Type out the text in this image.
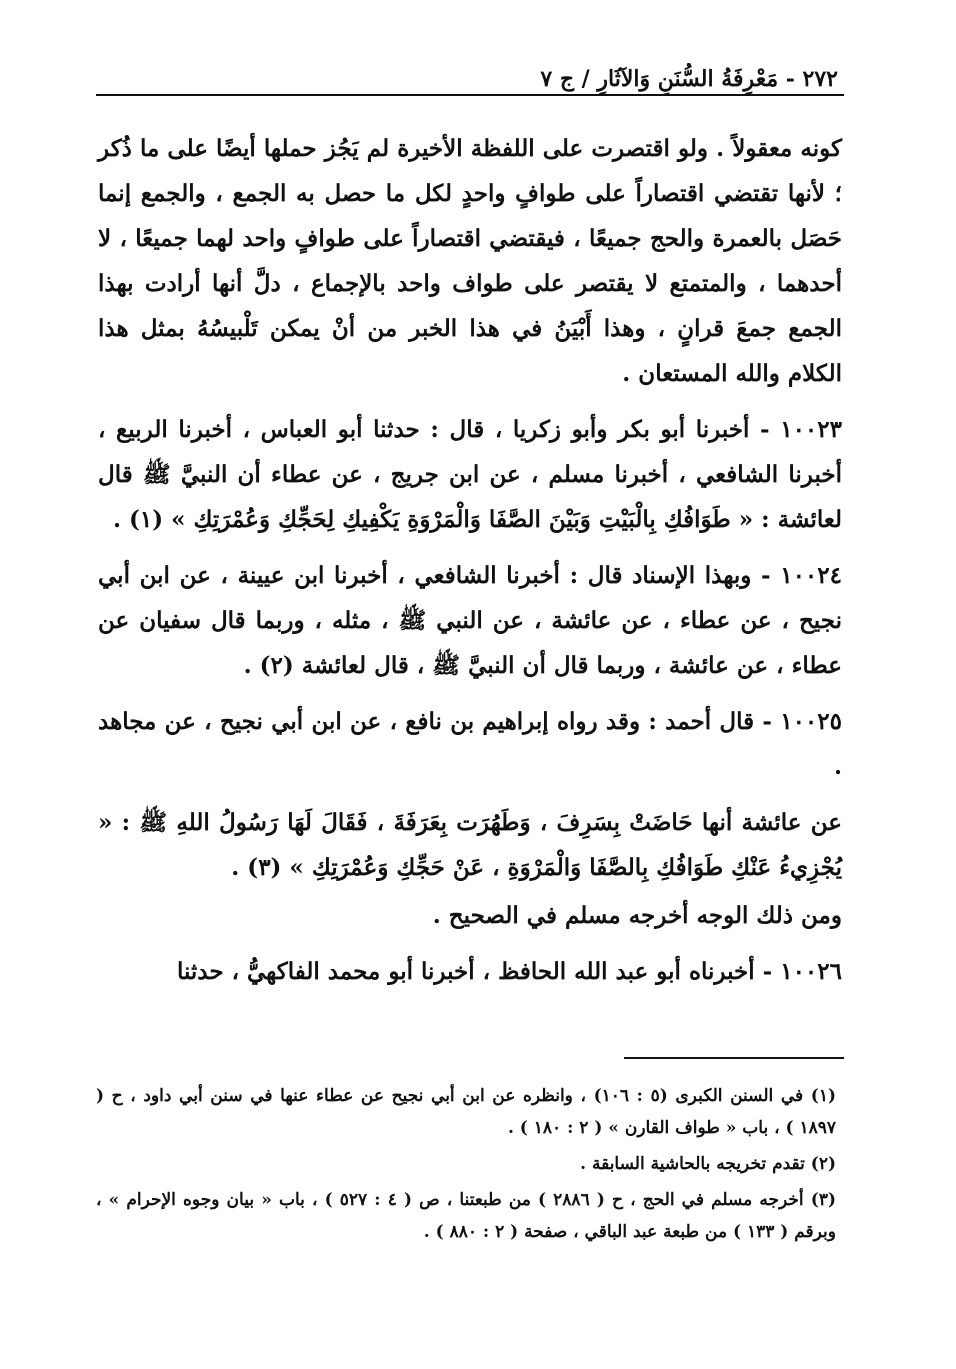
٢٧٢ - مَعْرِفَةُ السُّنَنِ وَالآثَارِ / ج ٧

كونه معقولاً . ولو اقتصرت على اللفظة الأخيرة لم يَجُز حملها أيضًا على ما ذُكر ؛ لأنها تقتضي اقتصاراً على طوافٍ واحدٍ لكل ما حصل به الجمع ، والجمع إنما حَصَل بالعمرة والحج جميعًا ، فيقتضي اقتصاراً على طوافٍ واحد لهما جميعًا ، لا أحدهما ، والمتمتع لا يقتصر على طواف واحد بالإجماع ، دلَّ أنها أرادت بهذا الجمع جمعَ قرانٍ ، وهذا أَبْيَنُ في هذا الخبر من أنْ يمكن تَلْبيسُهُ بمثل هذا الكلام والله المستعان .

١٠٠٢٣ - أخبرنا أبو بكر وأبو زكريا ، قال : حدثنا أبو العباس ، أخبرنا الربيع ، أخبرنا الشافعي ، أخبرنا مسلم ، عن ابن جريج ، عن عطاء أن النبيَّ ﷺ قال لعائشة : « طَوَافُكِ بِالْبَيْتِ وَبَيْنَ الصَّفَا وَالْمَرْوَةِ يَكْفِيكِ لِحَجِّكِ وَعُمْرَتِكِ » (١) .

١٠٠٢٤ - وبهذا الإسناد قال : أخبرنا الشافعي ، أخبرنا ابن عيينة ، عن ابن أبي نجيح ، عن عطاء ، عن عائشة ، عن النبي ﷺ ، مثله ، وربما قال سفيان عن عطاء ، عن عائشة ، وربما قال أن النبيَّ ﷺ ، قال لعائشة (٢) .

١٠٠٢٥ - قال أحمد : وقد رواه إبراهيم بن نافع ، عن ابن أبي نجيح ، عن مجاهد .

عن عائشة أنها حَاضَتْ بِسَرِفَ ، وَطَهُرَت بِعَرَفَةَ ، فَقَالَ لَهَا رَسُولُ اللهِ ﷺ : « يُجْزِيءُ عَنْكِ طَوَافُكِ بِالصَّفَا وَالْمَرْوَةِ ، عَنْ حَجِّكِ وَعُمْرَتِكِ » (٣) .

ومن ذلك الوجه أخرجه مسلم في الصحيح .

١٠٠٢٦ - أخبرناه أبو عبد الله الحافظ ، أخبرنا أبو محمد الفاكهيُّ ، حدثنا

(١) في السنن الكبرى (٥ : ١٠٦) ، وانظره عن ابن أبي نجيح عن عطاء عنها في سنن أبي داود ، ح ( ١٨٩٧ ) ، باب « طواف القارن » ( ٢ : ١٨٠ ) .

(٢) تقدم تخريجه بالحاشية السابقة .

(٣) أخرجه مسلم في الحج ، ح ( ٢٨٨٦ ) من طبعتنا ، ص ( ٤ : ٥٢٧ ) ، باب « بيان وجوه الإحرام » ، وبرقم ( ١٣٣ ) من طبعة عبد الباقي ، صفحة ( ٢ : ٨٨٠ ) .
